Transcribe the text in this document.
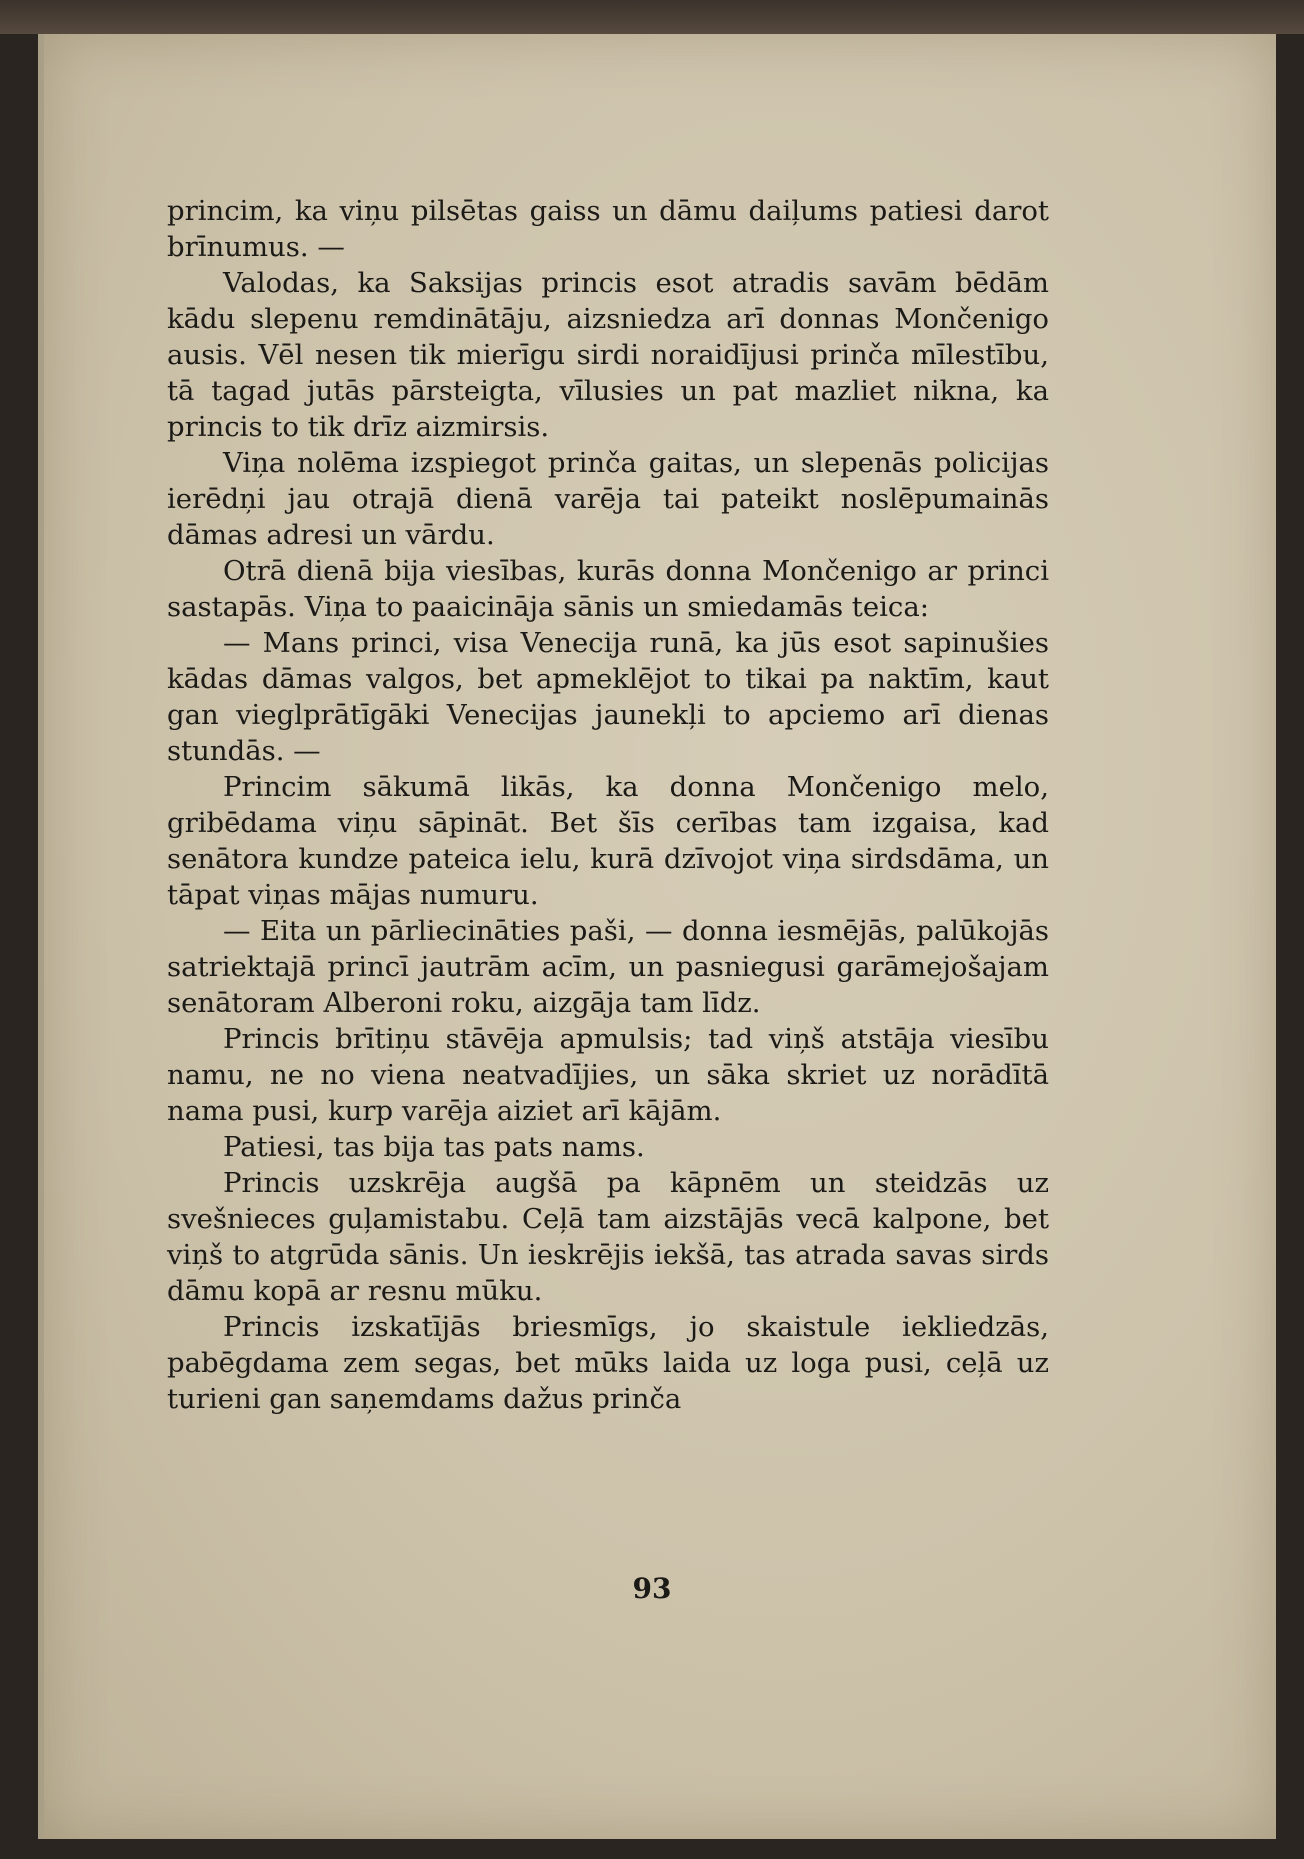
princim, ka viņu pilsētas gaiss un dāmu daiļums patiesi darot brīnumus. —

Valodas, ka Saksijas princis esot atradis savām bēdām kādu slepenu remdinātāju, aizsniedza arī donnas Mončenigo ausis. Vēl nesen tik mierīgu sirdi noraidījusi prinča mīlestību, tā tagad jutās pārsteigta, vīlusies un pat mazliet nikna, ka princis to tik drīz aizmirsis.

Viņa nolēma izspiegot prinča gaitas, un slepenās policijas ierēdņi jau otrajā dienā varēja tai pateikt noslēpumainās dāmas adresi un vārdu.

Otrā dienā bija viesības, kurās donna Mončenigo ar princi sastapās. Viņa to paaicināja sānis un smiedamās teica:

— Mans princi, visa Venecija runā, ka jūs esot sapinušies kādas dāmas valgos, bet apmeklējot to tikai pa naktīm, kaut gan vieglprātīgāki Venecijas jaunekļi to apciemo arī dienas stundās. —

Princim sākumā likās, ka donna Mončenigo melo, gribēdama viņu sāpināt. Bet šīs cerības tam izgaisa, kad senātora kundze pateica ielu, kurā dzīvojot viņa sirdsdāma, un tāpat viņas mājas numuru.

— Eita un pārliecināties paši, — donna iesmējās, palūkojās satriektajā princī jautrām acīm, un pasniegusi garāmejošajam senātoram Alberoni roku, aizgāja tam līdz.

Princis brītiņu stāvēja apmulsis; tad viņš atstāja viesību namu, ne no viena neatvadījies, un sāka skriet uz norādītā nama pusi, kurp varēja aiziet arī kājām.

Patiesi, tas bija tas pats nams.

Princis uzskrēja augšā pa kāpnēm un steidzās uz svešnieces guļamistabu. Ceļā tam aizstājās vecā kalpone, bet viņš to atgrūda sānis. Un ieskrējis iekšā, tas atrada savas sirds dāmu kopā ar resnu mūku.

Princis izskatījās briesmīgs, jo skaistule iekliedzās, pabēgdama zem segas, bet mūks laida uz loga pusi, ceļā uz turieni gan saņemdams dažus prinča

93
